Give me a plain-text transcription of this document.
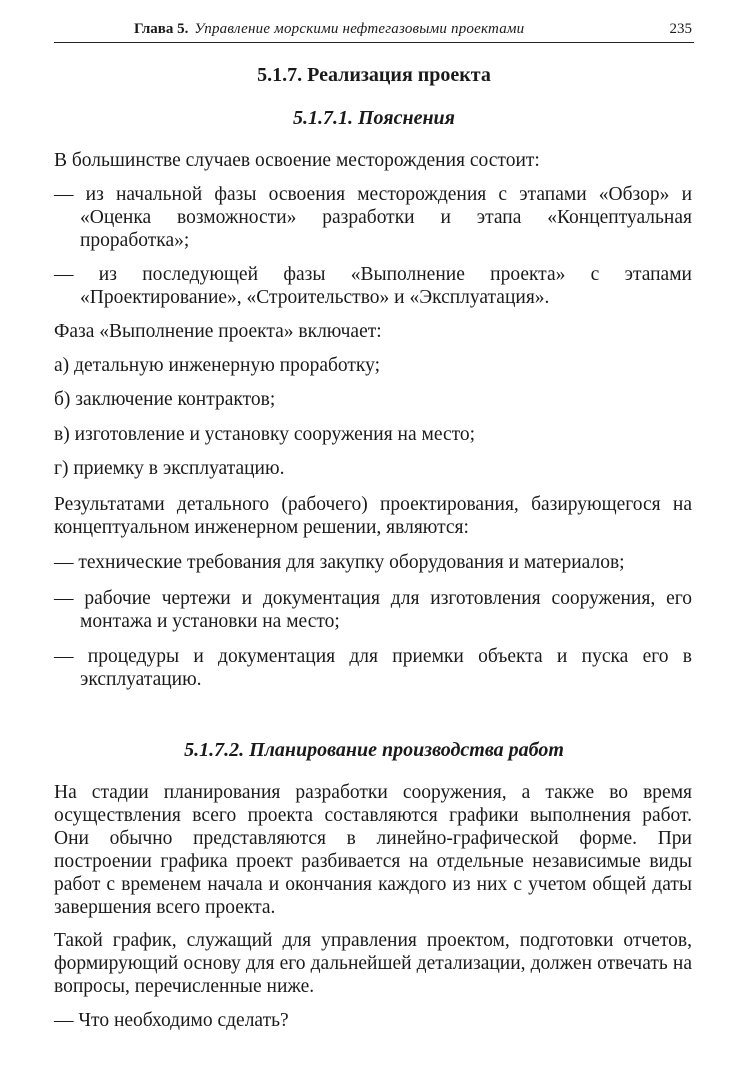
Глава 5. Управление морскими нефтегазовыми проектами	235
5.1.7. Реализация проекта
5.1.7.1. Пояснения

В большинстве случаев освоение месторождения состоит:

— из начальной фазы освоения месторождения с этапами «Обзор» и «Оценка возможности» разработки и этапа «Концептуальная проработка»;

— из последующей фазы «Выполнение проекта» с этапами «Проектирование», «Строительство» и «Эксплуатация».

Фаза «Выполнение проекта» включает:

а) детальную инженерную проработку;

б) заключение контрактов;

в) изготовление и установку сооружения на место;

г) приемку в эксплуатацию.

Результатами детального (рабочего) проектирования, базирующегося на концептуальном инженерном решении, являются:

— технические требования для закупку оборудования и материалов;

— рабочие чертежи и документация для изготовления сооружения, его монтажа и установки на место;

— процедуры и документация для приемки объекта и пуска его в эксплуатацию.

5.1.7.2. Планирование производства работ

На стадии планирования разработки сооружения, а также во время осуществления всего проекта составляются графики выполнения работ. Они обычно представляются в линейно-графической форме. При построении графика проект разбивается на отдельные независимые виды работ с временем начала и окончания каждого из них с учетом общей даты завершения всего проекта.

Такой график, служащий для управления проектом, подготовки отчетов, формирующий основу для его дальнейшей детализации, должен отвечать на вопросы, перечисленные ниже.

— Что необходимо сделать?
